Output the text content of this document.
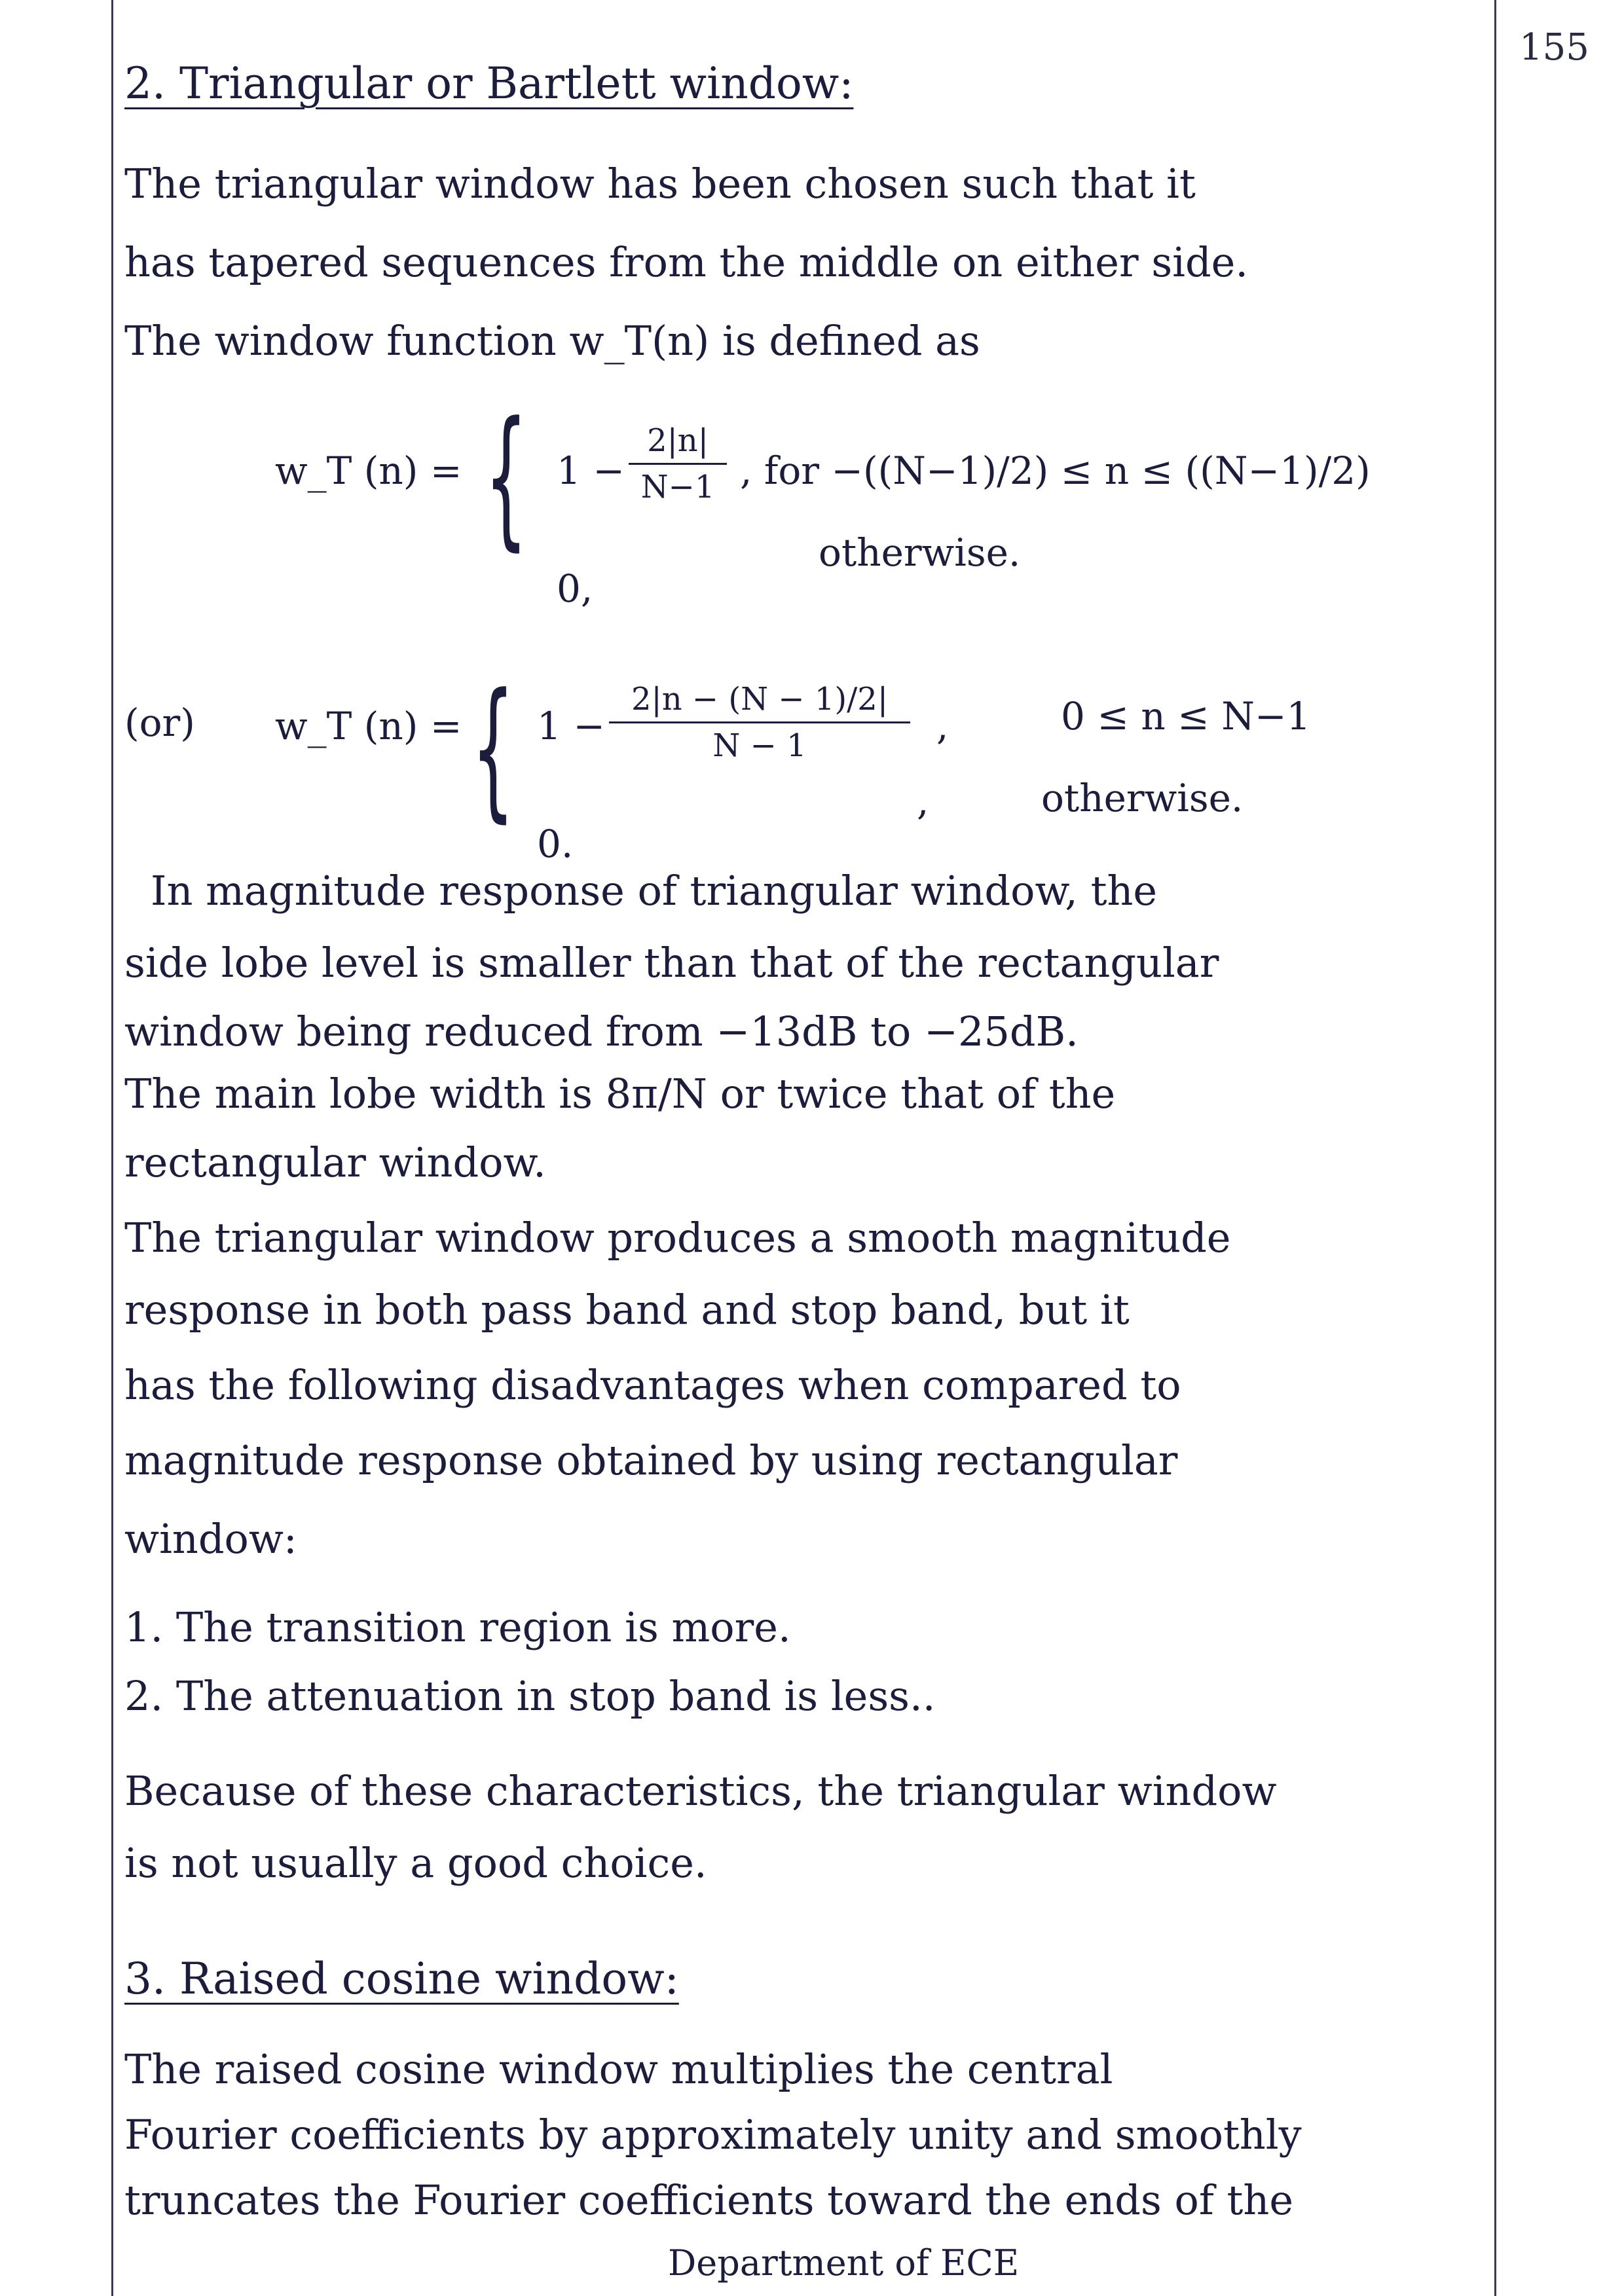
155
2. Triangular or Bartlett window:
The triangular window has been chosen such that it
has tapered sequences from the middle on either side.
The window function w_T(n) is defined as
w_T (n) = { $1 - \frac{2|n|}{N-1}$ , for −((N−1)/2) ≤ n ≤ ((N−1)/2)
0,
otherwise.
(or) w_T (n) = { $1 - \frac{2|n - (N - 1)/2|}{N - 1}$ ,	0 ≤ n ≤ N−1
0.
,	otherwise.
In magnitude response of triangular window, the
side lobe level is smaller than that of the rectangular
window being reduced from −13dB to −25dB.
The main lobe width is 8π/N or twice that of the
rectangular window.
The triangular window produces a smooth magnitude
response in both pass band and stop band, but it
has the following disadvantages when compared to
magnitude response obtained by using rectangular
window:
1. The transition region is more.
2. The attenuation in stop band is less..
Because of these characteristics, the triangular window
is not usually a good choice.
3. Raised cosine window:
The raised cosine window multiplies the central
Fourier coefficients by approximately unity and smoothly
truncates the Fourier coefficients toward the ends of the
Department of ECE
